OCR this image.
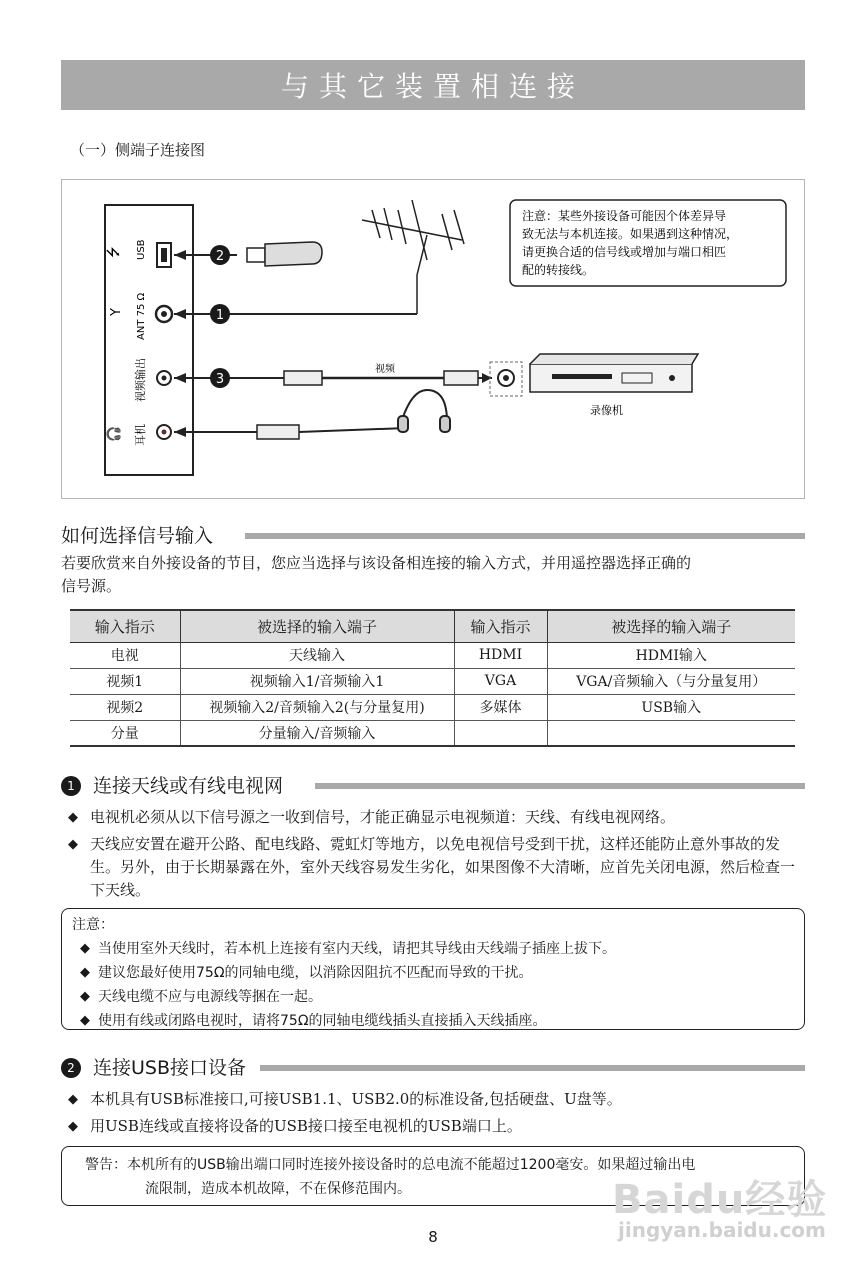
与其它装置相连接
（一）侧端子连接图
⭍ USB
Y ANT 75 Ω
视频输出
🎧 耳机
视频
录像机
2
1
3
注意：某些外接设备可能因个体差异导
致无法与本机连接。如果遇到这种情况，
请更换合适的信号线或增加与端口相匹
配的转接线。
如何选择信号输入
若要欣赏来自外接设备的节目，您应当选择与该设备相连接的输入方式，并用遥控器选择正确的
信号源。
输入指示	被选择的输入端子	输入指示	被选择的输入端子
电视	天线输入	HDMI	HDMI输入
视频1	视频输入1/音频输入1	VGA	VGA/音频输入（与分量复用）
视频2	视频输入2/音频输入2(与分量复用)	多媒体	USB输入
分量	分量输入/音频输入		
1 连接天线或有线电视网
◆ 电视机必须从以下信号源之一收到信号，才能正确显示电视频道：天线、有线电视网络。
◆ 天线应安置在避开公路、配电线路、霓虹灯等地方，以免电视信号受到干扰，这样还能防止意外事故的发生。另外，由于长期暴露在外，室外天线容易发生劣化，如果图像不大清晰，应首先关闭电源，然后检查一下天线。
注意：
◆ 当使用室外天线时，若本机上连接有室内天线，请把其导线由天线端子插座上拔下。
◆ 建议您最好使用75Ω的同轴电缆，以消除因阻抗不匹配而导致的干扰。
◆ 天线电缆不应与电源线等捆在一起。
◆ 使用有线或闭路电视时，请将75Ω的同轴电缆线插头直接插入天线插座。
2 连接USB接口设备
◆ 本机具有USB标准接口,可接USB1.1、USB2.0的标准设备,包括硬盘、U盘等。
◆ 用USB连线或直接将设备的USB接口接至电视机的USB端口上。
警告：本机所有的USB输出端口同时连接外接设备时的总电流不能超过1200毫安。如果超过输出电
流限制，造成本机故障，不在保修范围内。	Baidu经验
jingyan.baidu.com
8
